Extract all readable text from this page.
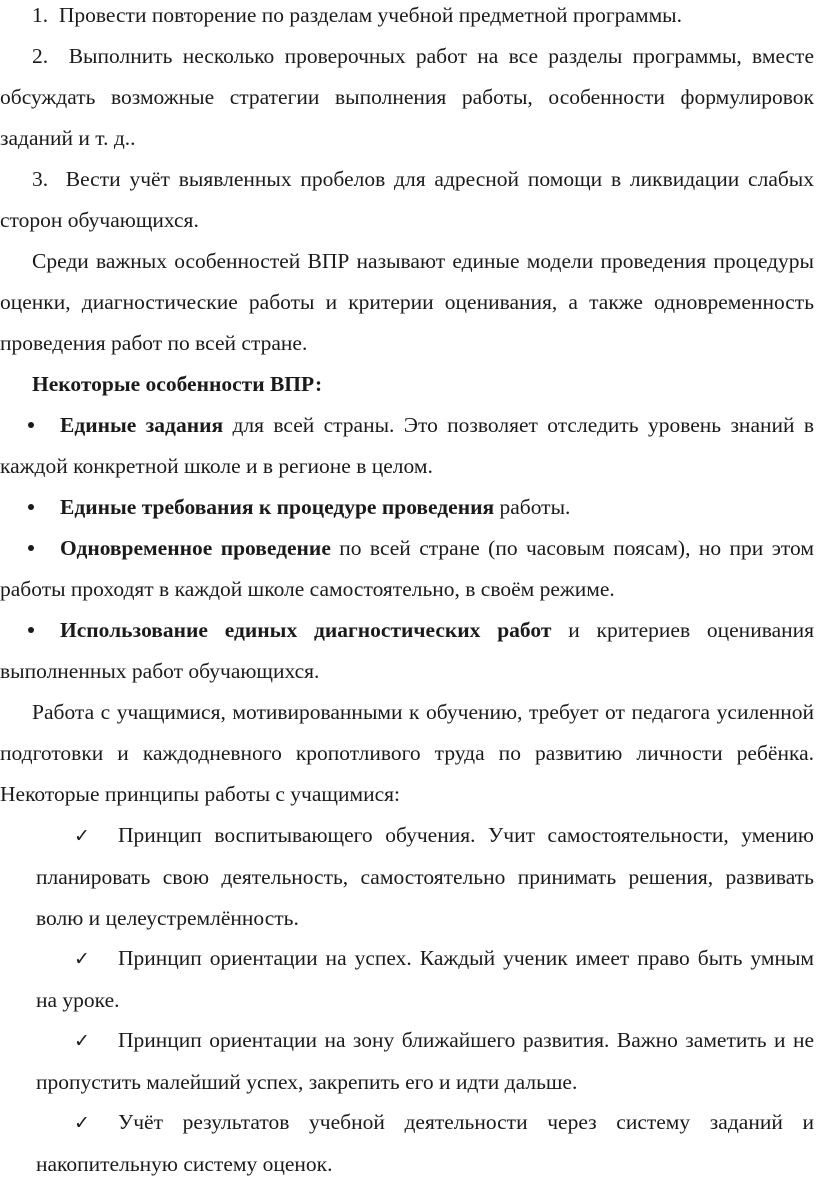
1. Провести повторение по разделам учебной предметной программы.

2. Выполнить несколько проверочных работ на все разделы программы, вместе обсуждать возможные стратегии выполнения работы, особенности формулировок заданий и т. д..

3. Вести учёт выявленных пробелов для адресной помощи в ликвидации слабых сторон обучающихся.

Среди важных особенностей ВПР называют единые модели проведения процедуры оценки, диагностические работы и критерии оценивания, а также одновременность проведения работ по всей стране.

Некоторые особенности ВПР:

Единые задания для всей страны. Это позволяет отследить уровень знаний в каждой конкретной школе и в регионе в целом.

Единые требования к процедуре проведения работы.

Одновременное проведение по всей стране (по часовым поясам), но при этом работы проходят в каждой школе самостоятельно, в своём режиме.

Использование единых диагностических работ и критериев оценивания выполненных работ обучающихся.

Работа с учащимися, мотивированными к обучению, требует от педагога усиленной подготовки и каждодневного кропотливого труда по развитию личности ребёнка. Некоторые принципы работы с учащимися:

✓ Принцип воспитывающего обучения. Учит самостоятельности, умению планировать свою деятельность, самостоятельно принимать решения, развивать волю и целеустремлённость.

✓ Принцип ориентации на успех. Каждый ученик имеет право быть умным на уроке.

✓ Принцип ориентации на зону ближайшего развития. Важно заметить и не пропустить малейший успех, закрепить его и идти дальше.

✓ Учёт результатов учебной деятельности через систему заданий и накопительную систему оценок.
